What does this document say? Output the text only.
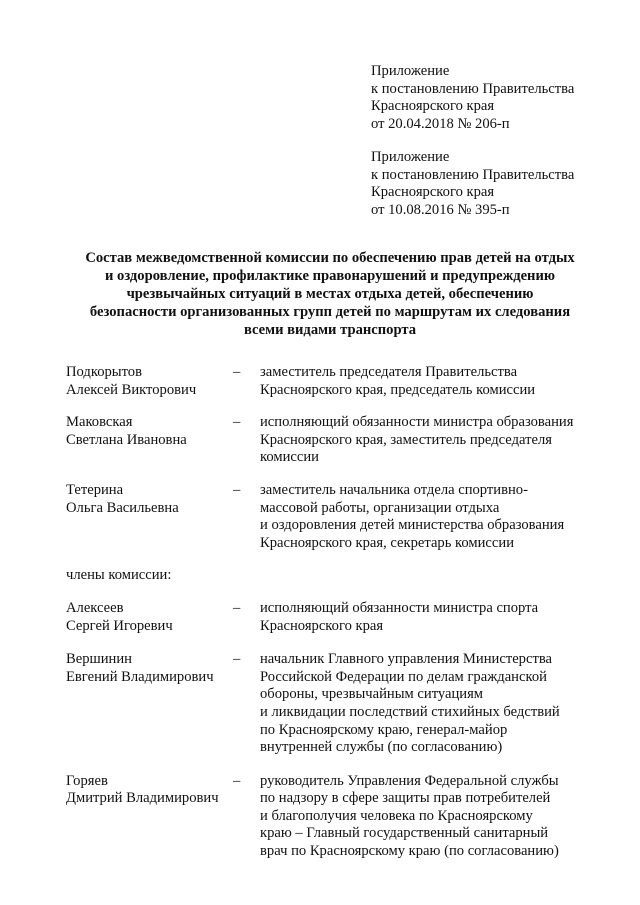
Приложение
к постановлению Правительства
Красноярского края
от 20.04.2018 № 206-п
Приложение
к постановлению Правительства
Красноярского края
от 10.08.2016 № 395-п
Состав межведомственной комиссии по обеспечению прав детей на отдых
и оздоровление, профилактике правонарушений и предупреждению
чрезвычайных ситуаций в местах отдыха детей, обеспечению
безопасности организованных групп детей по маршрутам их следования
всеми видами транспорта
Подкорытов
Алексей Викторович
–	заместитель председателя Правительства
Красноярского края, председатель комиссии
Маковская
Светлана Ивановна
–	исполняющий обязанности министра образования
Красноярского края, заместитель председателя
комиссии
Тетерина
Ольга Васильевна
–	заместитель начальника отдела спортивно-
массовой работы, организации отдыха
и оздоровления детей министерства образования
Красноярского края, секретарь комиссии
члены комиссии:
Алексеев
Сергей Игоревич
–	исполняющий обязанности министра спорта
Красноярского края
Вершинин
Евгений Владимирович
–	начальник Главного управления Министерства
Российской Федерации по делам гражданской
обороны, чрезвычайным ситуациям
и ликвидации последствий стихийных бедствий
по Красноярскому краю, генерал-майор
внутренней службы (по согласованию)
Горяев
Дмитрий Владимирович
–	руководитель Управления Федеральной службы
по надзору в сфере защиты прав потребителей
и благополучия человека по Красноярскому
краю – Главный государственный санитарный
врач по Красноярскому краю (по согласованию)
